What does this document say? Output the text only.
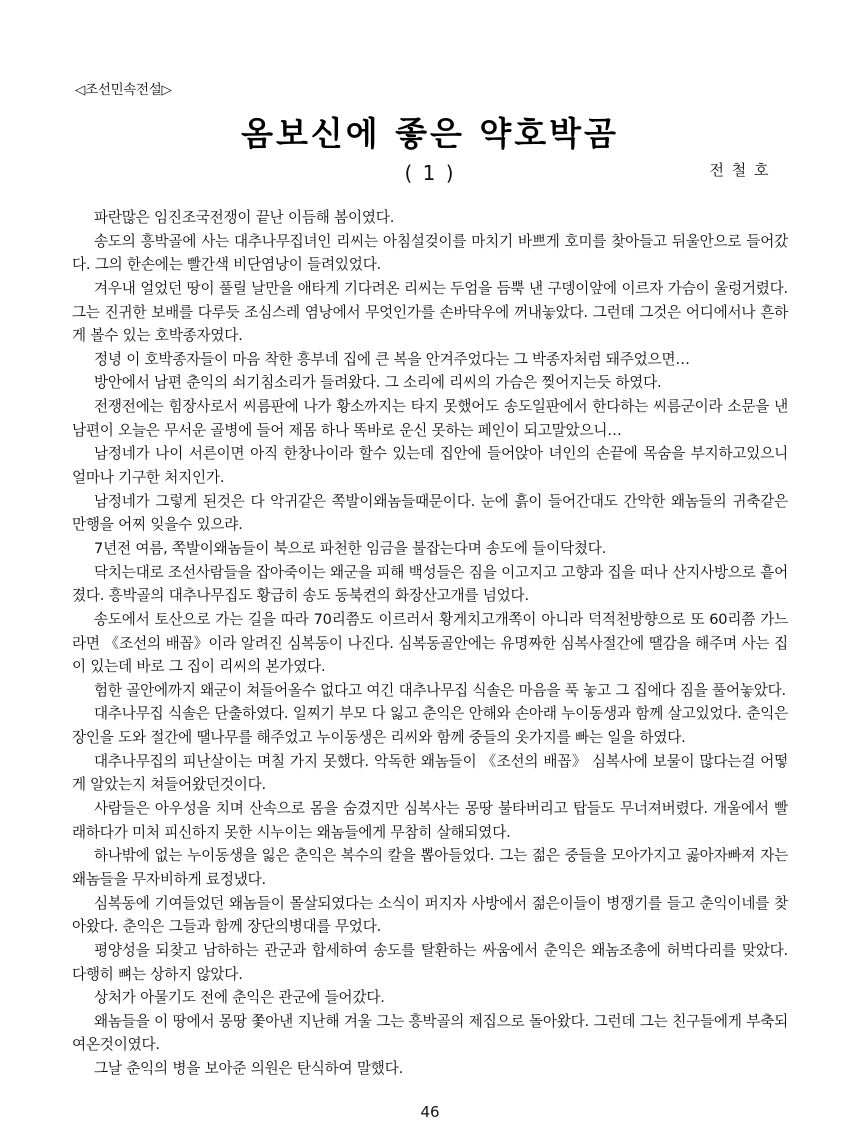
◁조선민속전설▷
옴보신에 좋은 약호박곰
( 1 )	전 철 호

파란많은 임진조국전쟁이 끝난 이듬해 봄이였다.

송도의 흥박골에 사는 대추나무집녀인 리씨는 아침설겆이를 마치기 바쁘게 호미를 찾아들고 뒤울안으로 들어갔다. 그의 한손에는 빨간색 비단염낭이 들려있었다.

겨우내 얼었던 땅이 풀릴 날만을 애타게 기다려온 리씨는 두엄을 듬뿍 낸 구뎅이앞에 이르자 가슴이 울렁거렸다. 그는 진귀한 보배를 다루듯 조심스레 염낭에서 무엇인가를 손바닥우에 꺼내놓았다. 그런데 그것은 어디에서나 흔하게 볼수 있는 호박종자였다.

정녕 이 호박종자들이 마음 착한 흥부네 집에 큰 복을 안겨주었다는 그 박종자처럼 돼주었으면…

방안에서 남편 춘익의 쇠기침소리가 들려왔다. 그 소리에 리씨의 가슴은 찢어지는듯 하였다.

전쟁전에는 힘장사로서 씨름판에 나가 황소까지는 타지 못했어도 송도일판에서 한다하는 씨름군이라 소문을 낸 남편이 오늘은 무서운 골병에 들어 제몸 하나 똑바로 운신 못하는 페인이 되고말았으니…

남정네가 나이 서른이면 아직 한창나이라 할수 있는데 집안에 들어앉아 녀인의 손끝에 목숨을 부지하고있으니 얼마나 기구한 처지인가.

남정네가 그렇게 된것은 다 악귀같은 쪽발이왜놈들때문이다. 눈에 흙이 들어간대도 간악한 왜놈들의 귀축같은 만행을 어찌 잊을수 있으랴.

7년전 여름, 쪽발이왜놈들이 북으로 파천한 임금을 불잡는다며 송도에 들이닥쳤다.

닥치는대로 조선사람들을 잡아죽이는 왜군을 피해 백성들은 짐을 이고지고 고향과 집을 떠나 산지사방으로 흩어졌다. 흥박골의 대추나무집도 황급히 송도 동북켠의 화장산고개를 넘었다.

송도에서 토산으로 가는 길을 따라 70리쯤도 이르러서 황게치고개쪽이 아니라 덕적천방향으로 또 60리쯤 가느라면 《조선의 배꼽》이라 알려진 심복동이 나진다. 심복동골안에는 유명짜한 심복사절간에 땔감을 해주며 사는 집이 있는데 바로 그 집이 리씨의 본가였다.

험한 골안에까지 왜군이 쳐들어올수 없다고 여긴 대추나무집 식솔은 마음을 푹 놓고 그 집에다 짐을 풀어놓았다.

대추나무집 식솔은 단출하였다. 일찌기 부모 다 잃고 춘익은 안해와 손아래 누이동생과 함께 살고있었다. 춘익은 장인을 도와 절간에 땔나무를 해주었고 누이동생은 리씨와 함께 중들의 옷가지를 빠는 일을 하였다.

대추나무집의 피난살이는 며칠 가지 못했다. 악독한 왜놈들이 《조선의 배꼽》 심복사에 보물이 많다는걸 어떻게 알았는지 쳐들어왔던것이다.

사람들은 아우성을 치며 산속으로 몸을 숨겼지만 심복사는 몽땅 불타버리고 탑들도 무너져버렸다. 개울에서 빨래하다가 미처 피신하지 못한 시누이는 왜놈들에게 무참히 살해되였다.

하나밖에 없는 누이동생을 잃은 춘익은 복수의 칼을 뽑아들었다. 그는 젊은 중들을 모아가지고 곯아자빠져 자는 왜놈들을 무자비하게 료정냈다.

심복동에 기여들었던 왜놈들이 몰살되였다는 소식이 퍼지자 사방에서 젊은이들이 병쟁기를 들고 춘익이네를 찾아왔다. 춘익은 그들과 함께 장단의병대를 무었다.

평양성을 되찾고 남하하는 관군과 합세하여 송도를 탈환하는 싸움에서 춘익은 왜놈조총에 허벅다리를 맞았다. 다행히 뼈는 상하지 않았다.

상처가 아물기도 전에 춘익은 관군에 들어갔다.

왜놈들을 이 땅에서 몽땅 쫓아낸 지난해 겨울 그는 흥박골의 제집으로 돌아왔다. 그런데 그는 친구들에게 부축되여온것이였다.

그날 춘익의 병을 보아준 의원은 탄식하여 말했다.

46
